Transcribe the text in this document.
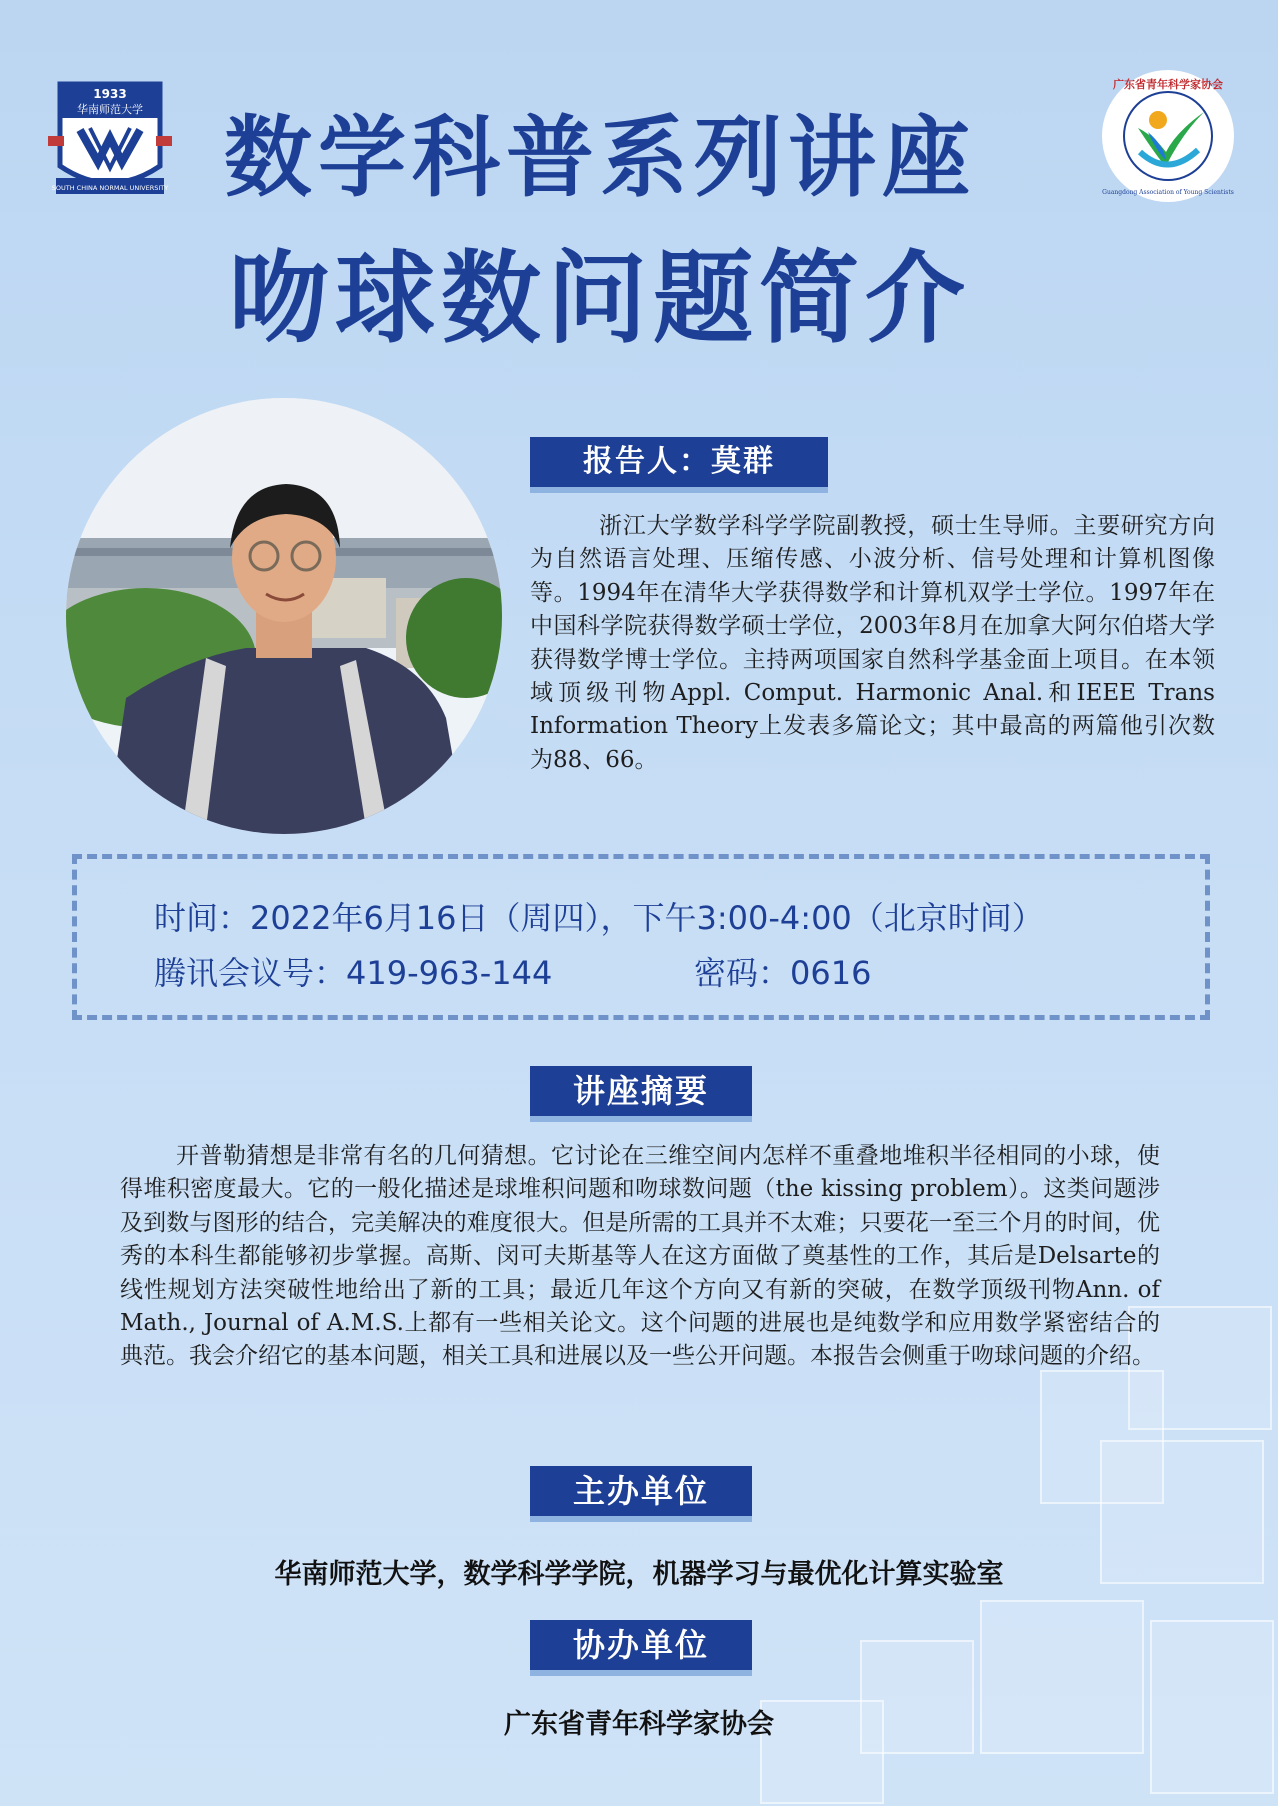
1933
华南师范大学
SOUTH CHINA NORMAL UNIVERSITY
广东省青年科学家协会
Guangdong Association of Young Scientists
数学科普系列讲座
吻球数问题简介
报告人：莫群

浙江大学数学科学学院副教授，硕士生导师。主要研究方向为自然语言处理、压缩传感、小波分析、信号处理和计算机图像等。1994年在清华大学获得数学和计算机双学士学位。1997年在中国科学院获得数学硕士学位，2003年8月在加拿大阿尔伯塔大学获得数学博士学位。主持两项国家自然科学基金面上项目。在本领域顶级刊物Appl. Comput. Harmonic Anal.和IEEE Trans Information Theory上发表多篇论文；其中最高的两篇他引次数为88、66。

时间：2022年6月16日（周四），下午3:00-4:00（北京时间）
腾讯会议号：419-963-144	密码：0616
讲座摘要

开普勒猜想是非常有名的几何猜想。它讨论在三维空间内怎样不重叠地堆积半径相同的小球，使得堆积密度最大。它的一般化描述是球堆积问题和吻球数问题（the kissing problem）。这类问题涉及到数与图形的结合，完美解决的难度很大。但是所需的工具并不太难；只要花一至三个月的时间，优秀的本科生都能够初步掌握。高斯、闵可夫斯基等人在这方面做了奠基性的工作，其后是Delsarte的线性规划方法突破性地给出了新的工具；最近几年这个方向又有新的突破，在数学顶级刊物Ann. of Math., Journal of A.M.S.上都有一些相关论文。这个问题的进展也是纯数学和应用数学紧密结合的典范。我会介绍它的基本问题，相关工具和进展以及一些公开问题。本报告会侧重于吻球问题的介绍。

主办单位
华南师范大学，数学科学学院，机器学习与最优化计算实验室
协办单位
广东省青年科学家协会
